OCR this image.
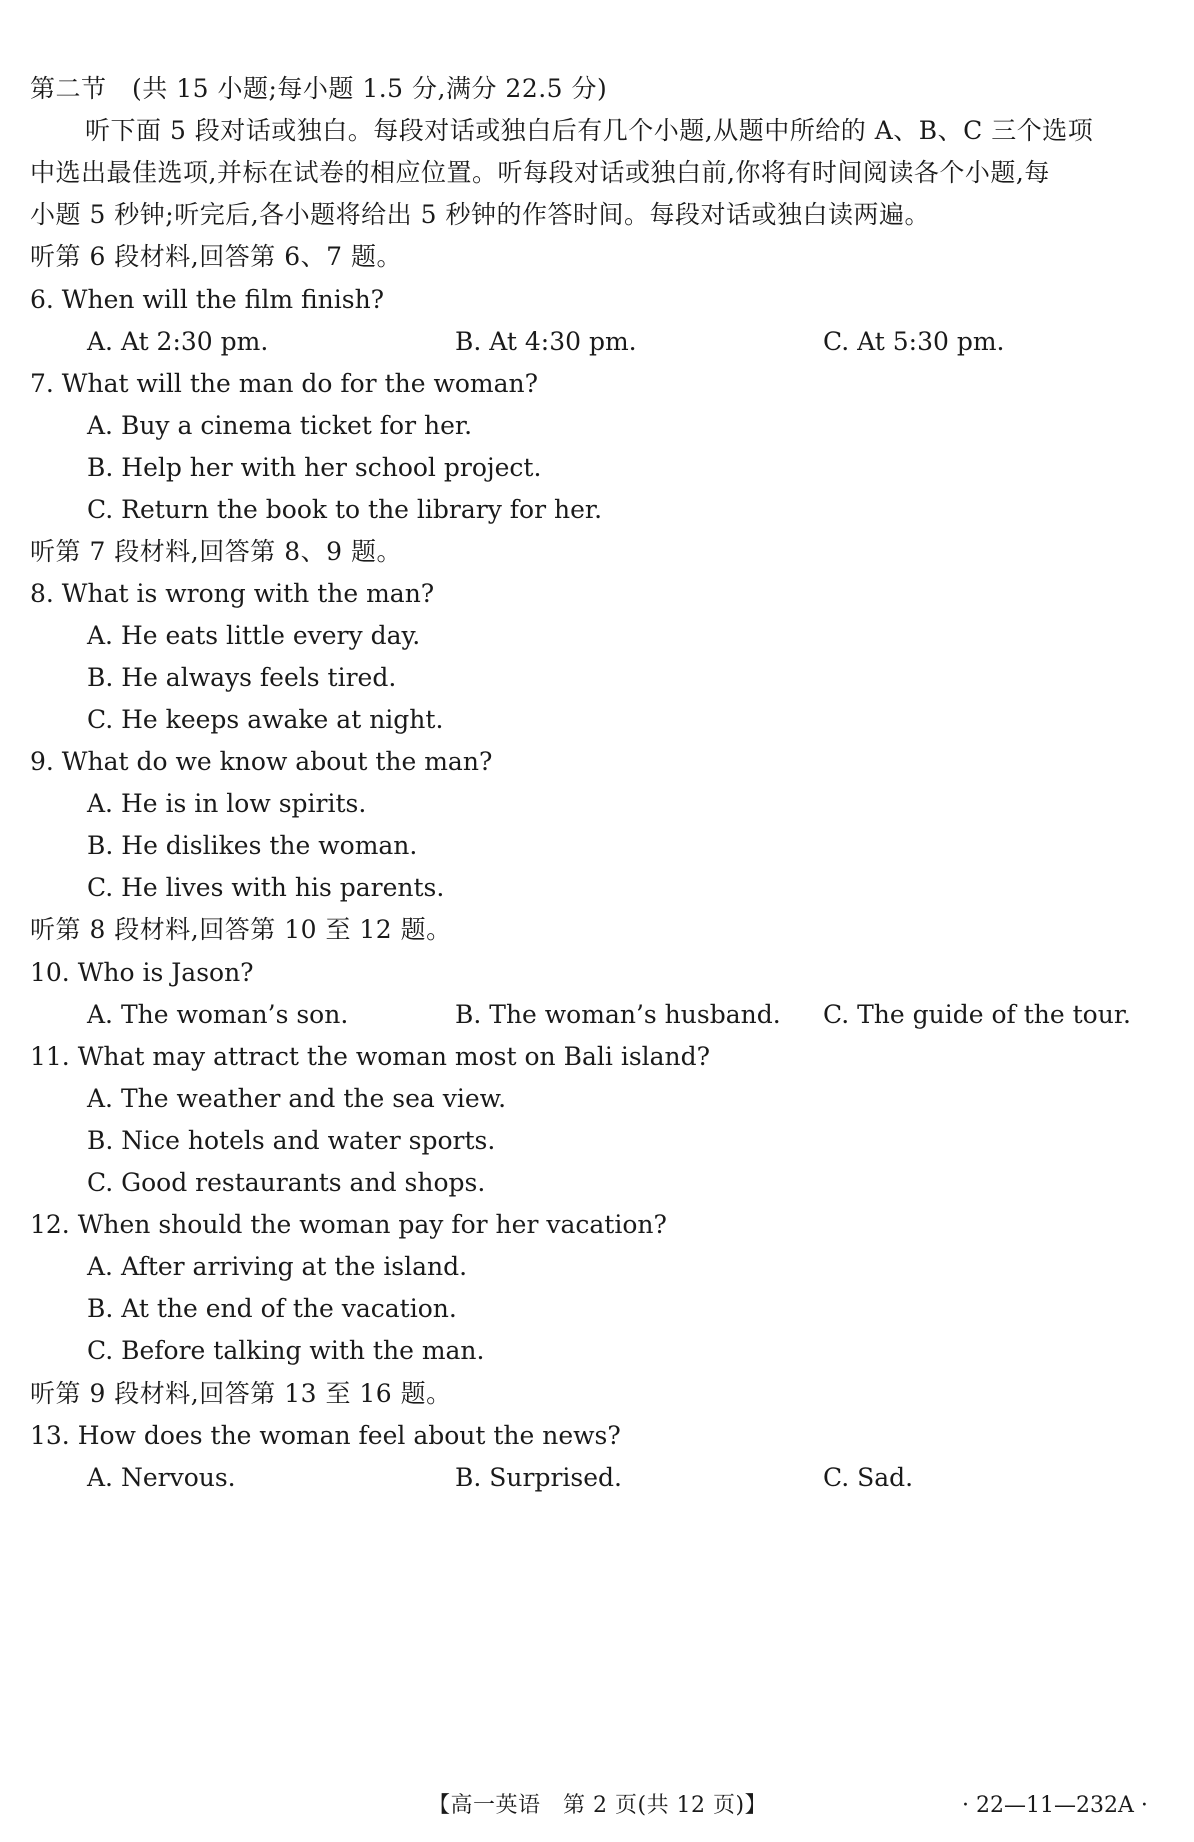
第二节　(共 15 小题;每小题 1.5 分,满分 22.5 分)
听下面 5 段对话或独白。每段对话或独白后有几个小题,从题中所给的 A、B、C 三个选项
中选出最佳选项,并标在试卷的相应位置。听每段对话或独白前,你将有时间阅读各个小题,每
小题 5 秒钟;听完后,各小题将给出 5 秒钟的作答时间。每段对话或独白读两遍。
听第 6 段材料,回答第 6、7 题。
6. When will the film finish?
A. At 2:30 pm.	B. At 4:30 pm.	C. At 5:30 pm.
7. What will the man do for the woman?
A. Buy a cinema ticket for her.
B. Help her with her school project.
C. Return the book to the library for her.
听第 7 段材料,回答第 8、9 题。
8. What is wrong with the man?
A. He eats little every day.
B. He always feels tired.
C. He keeps awake at night.
9. What do we know about the man?
A. He is in low spirits.
B. He dislikes the woman.
C. He lives with his parents.
听第 8 段材料,回答第 10 至 12 题。
10. Who is Jason?
A. The woman’s son.	B. The woman’s husband. C. The guide of the tour.
11. What may attract the woman most on Bali island?
A. The weather and the sea view.
B. Nice hotels and water sports.
C. Good restaurants and shops.
12. When should the woman pay for her vacation?
A. After arriving at the island.
B. At the end of the vacation.
C. Before talking with the man.
听第 9 段材料,回答第 13 至 16 题。
13. How does the woman feel about the news?
A. Nervous.	B. Surprised.	C. Sad.
【高一英语　第 2 页(共 12 页)】	· 22—11—232A ·
